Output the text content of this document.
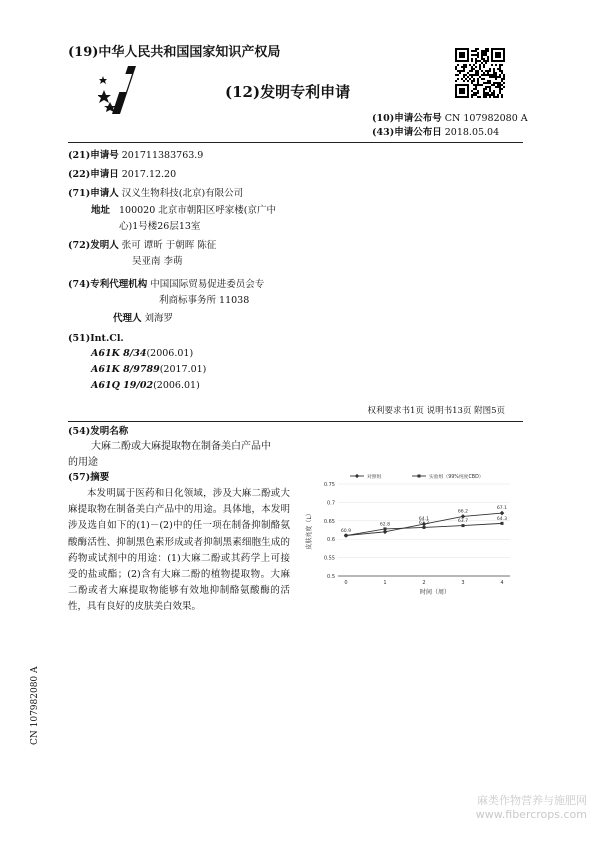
(19)中华人民共和国国家知识产权局
(12)发明专利申请
(10)申请公布号 CN 107982080 A
(43)申请公布日 2018.05.04
(21)申请号 201711383763.9
(22)申请日 2017.12.20
(71)申请人 汉义生物科技(北京)有限公司
地址 100020 北京市朝阳区呼家楼(京广中
心)1号楼26层13室
(72)发明人 张可 谭昕 于朝晖 陈征
吴亚南 李萌
(74)专利代理机构 中国国际贸易促进委员会专
利商标事务所 11038
代理人 刘海罗
(51)Int.Cl.
A61K 8/34(2006.01)
A61K 8/9789(2017.01)
A61Q 19/02(2006.01)
权利要求书1页 说明书13页 附图5页
(54)发明名称
大麻二酚或大麻提取物在制备美白产品中
的用途
(57)摘要
本发明属于医药和日化领域，涉及大麻二酚或大麻提取物在制备美白产品中的用途。具体地，本发明涉及选自如下的(1)－(2)中的任一项在制备抑制酪氨酸酶活性、抑制黑色素形成或者抑制黑素细胞生成的药物或试剂中的用途：(1)大麻二酚或其药学上可接受的盐或酯；(2)含有大麻二酚的植物提取物。大麻二酚或者大麻提取物能够有效地抑制酪氨酸酶的活性，具有良好的皮肤美白效果。
对照组	实验组（99%纯度CBD）
0.5
0.55
0.6
0.65
0.7
0.75
0	1	2	3	4
64.1
66.2
67.1
60.9
62.8	63.2	63.7	64.3
皮肤亮度（L）
时间（周）
CN 107982080 A
麻类作物营养与施肥网
www.fibercrops.com
